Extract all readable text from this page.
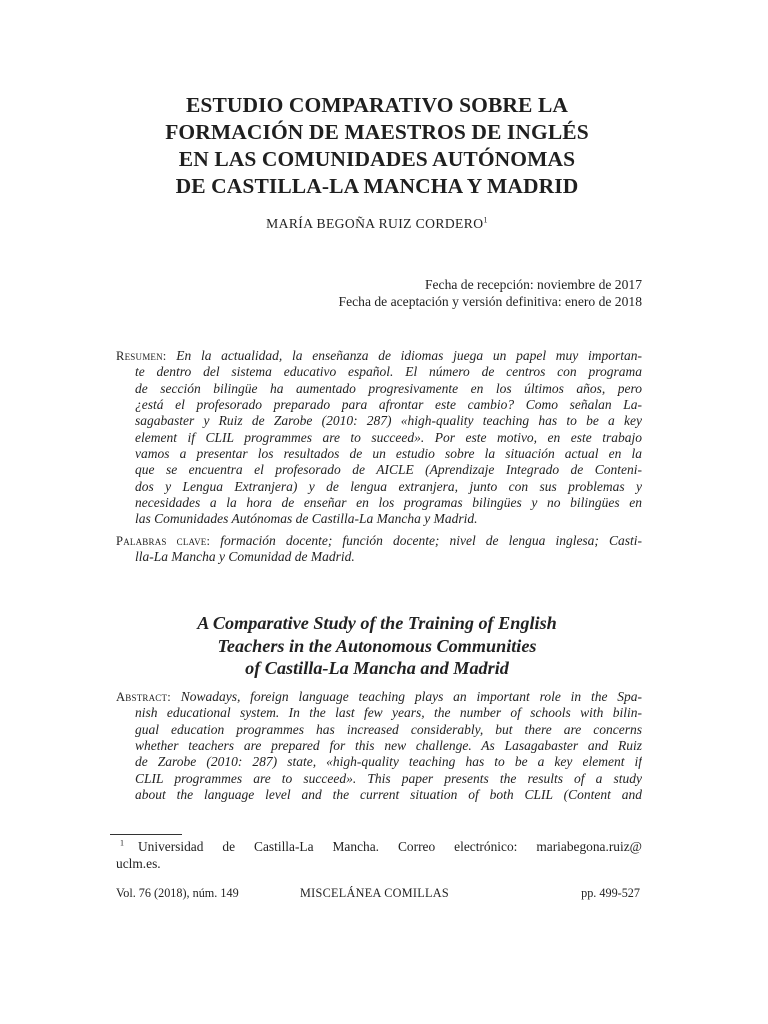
ESTUDIO COMPARATIVO SOBRE LA
FORMACIÓN DE MAESTROS DE INGLÉS
EN LAS COMUNIDADES AUTÓNOMAS
DE CASTILLA-LA MANCHA Y MADRID
MARÍA BEGOÑA RUIZ CORDERO$^1$
Fecha de recepción: noviembre de 2017
Fecha de aceptación y versión definitiva: enero de 2018
Resumen: En la actualidad, la enseñanza de idiomas juega un papel muy importan-
te dentro del sistema educativo español. El número de centros con programa
de sección bilingüe ha aumentado progresivamente en los últimos años, pero
¿está el profesorado preparado para afrontar este cambio? Como señalan La-
sagabaster y Ruiz de Zarobe (2010: 287) «high-quality teaching has to be a key
element if CLIL programmes are to succeed». Por este motivo, en este trabajo
vamos a presentar los resultados de un estudio sobre la situación actual en la
que se encuentra el profesorado de AICLE (Aprendizaje Integrado de Conteni-
dos y Lengua Extranjera) y de lengua extranjera, junto con sus problemas y
necesidades a la hora de enseñar en los programas bilingües y no bilingües en
las Comunidades Autónomas de Castilla-La Mancha y Madrid.
Palabras clave: formación docente; función docente; nivel de lengua inglesa; Casti-
lla-La Mancha y Comunidad de Madrid.
A Comparative Study of the Training of English
Teachers in the Autonomous Communities
of Castilla-La Mancha and Madrid
Abstract: Nowadays, foreign language teaching plays an important role in the Spa-
nish educational system. In the last few years, the number of schools with bilin-
gual education programmes has increased considerably, but there are concerns
whether teachers are prepared for this new challenge. As Lasagabaster and Ruiz
de Zarobe (2010: 287) state, «high-quality teaching has to be a key element if
CLIL programmes are to succeed». This paper presents the results of a study
about the language level and the current situation of both CLIL (Content and
$^1$ Universidad de Castilla-La Mancha. Correo electrónico: mariabegona.ruiz@
uclm.es.
Vol. 76 (2018), núm. 149	MISCELÁNEA COMILLAS	pp. 499-527
